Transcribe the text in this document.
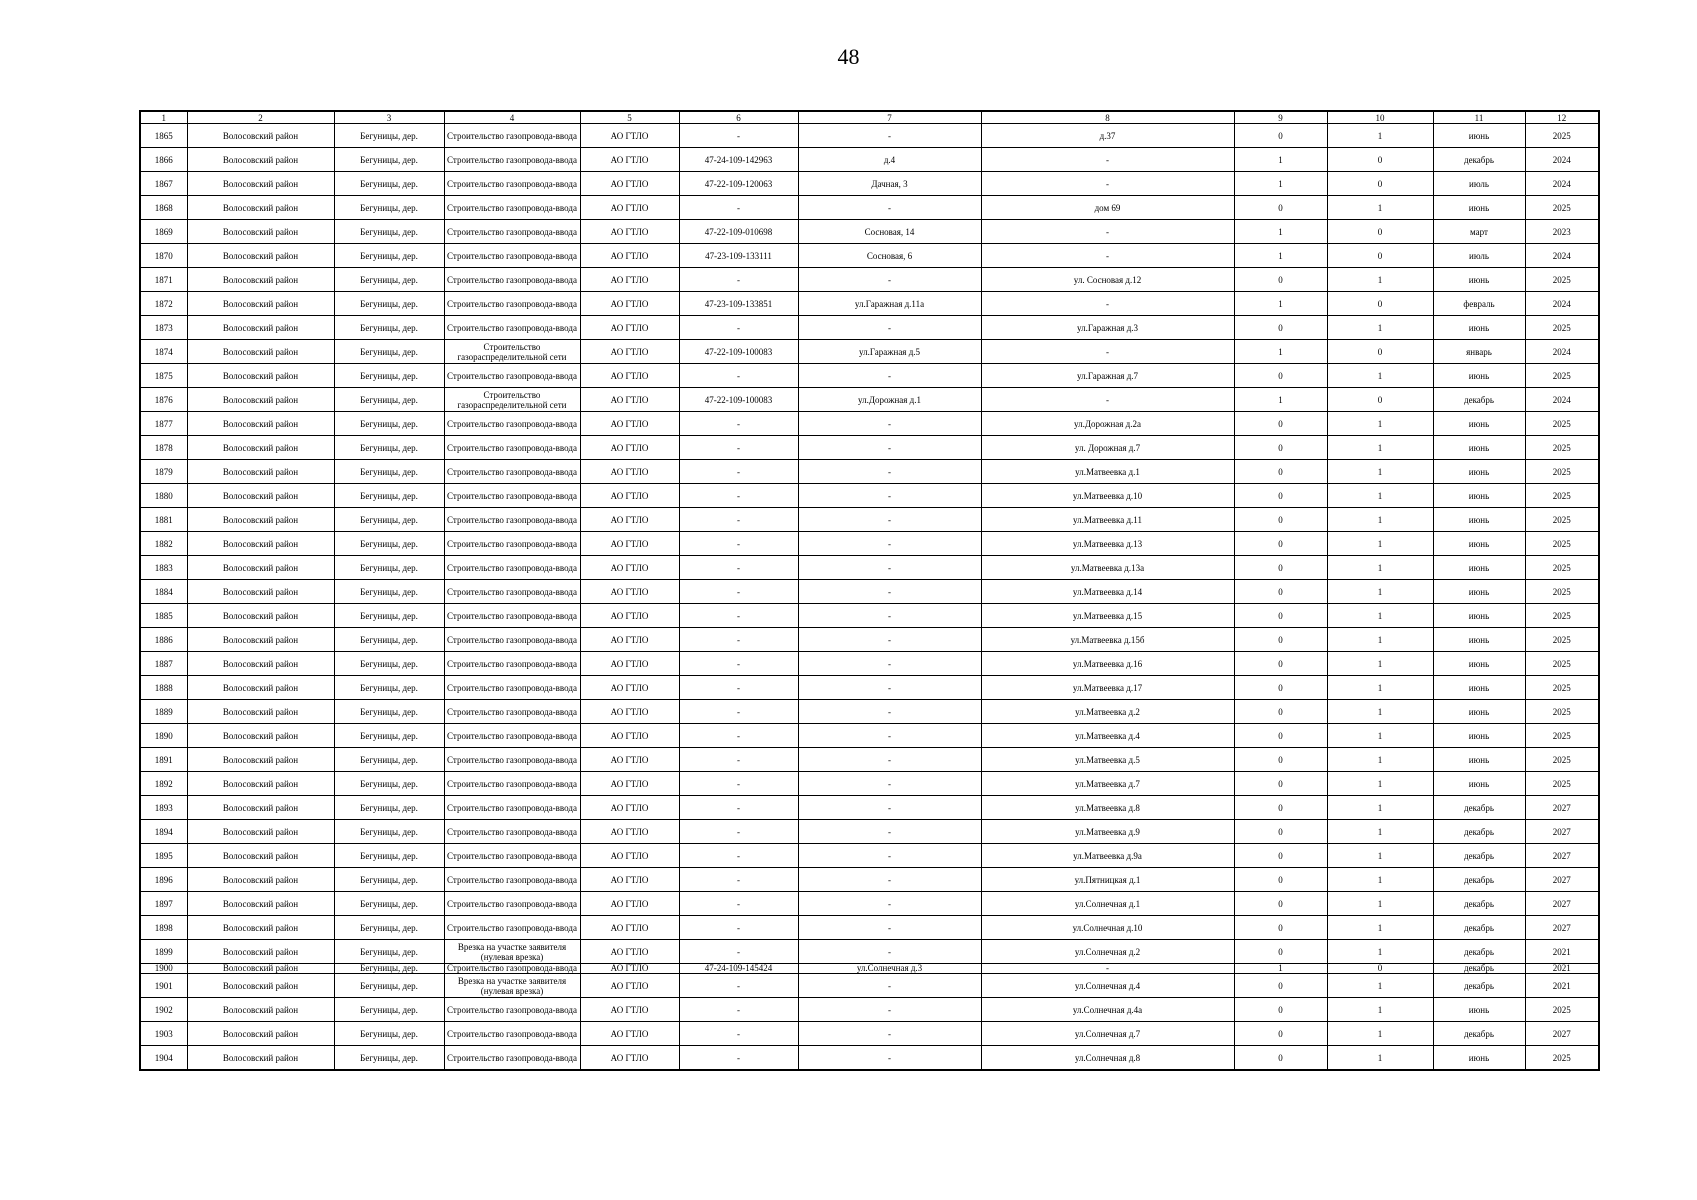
48
1	2	3	4	5	6	7	8	9	10	11	12
1865	Волосовский район	Бегуницы, дер.	Строительство газопровода-ввода	АО ГТЛО	-	-	д.37	0	1	июнь	2025
1866	Волосовский район	Бегуницы, дер.	Строительство газопровода-ввода	АО ГТЛО	47-24-109-142963	д.4	-	1	0	декабрь	2024
1867	Волосовский район	Бегуницы, дер.	Строительство газопровода-ввода	АО ГТЛО	47-22-109-120063	Дачная, 3	-	1	0	июль	2024
1868	Волосовский район	Бегуницы, дер.	Строительство газопровода-ввода	АО ГТЛО	-	-	дом 69	0	1	июнь	2025
1869	Волосовский район	Бегуницы, дер.	Строительство газопровода-ввода	АО ГТЛО	47-22-109-010698	Сосновая, 14	-	1	0	март	2023
1870	Волосовский район	Бегуницы, дер.	Строительство газопровода-ввода	АО ГТЛО	47-23-109-133111	Сосновая, 6	-	1	0	июль	2024
1871	Волосовский район	Бегуницы, дер.	Строительство газопровода-ввода	АО ГТЛО	-	-	ул. Сосновая д.12	0	1	июнь	2025
1872	Волосовский район	Бегуницы, дер.	Строительство газопровода-ввода	АО ГТЛО	47-23-109-133851	ул.Гаражная д.11а	-	1	0	февраль	2024
1873	Волосовский район	Бегуницы, дер.	Строительство газопровода-ввода	АО ГТЛО	-	-	ул.Гаражная д.3	0	1	июнь	2025
1874	Волосовский район	Бегуницы, дер.	Строительство газораспределительной сети	АО ГТЛО	47-22-109-100083	ул.Гаражная д.5	-	1	0	январь	2024
1875	Волосовский район	Бегуницы, дер.	Строительство газопровода-ввода	АО ГТЛО	-	-	ул.Гаражная д.7	0	1	июнь	2025
1876	Волосовский район	Бегуницы, дер.	Строительство газораспределительной сети	АО ГТЛО	47-22-109-100083	ул.Дорожная д.1	-	1	0	декабрь	2024
1877	Волосовский район	Бегуницы, дер.	Строительство газопровода-ввода	АО ГТЛО	-	-	ул.Дорожная д.2а	0	1	июнь	2025
1878	Волосовский район	Бегуницы, дер.	Строительство газопровода-ввода	АО ГТЛО	-	-	ул. Дорожная д.7	0	1	июнь	2025
1879	Волосовский район	Бегуницы, дер.	Строительство газопровода-ввода	АО ГТЛО	-	-	ул.Матвеевка д.1	0	1	июнь	2025
1880	Волосовский район	Бегуницы, дер.	Строительство газопровода-ввода	АО ГТЛО	-	-	ул.Матвеевка д.10	0	1	июнь	2025
1881	Волосовский район	Бегуницы, дер.	Строительство газопровода-ввода	АО ГТЛО	-	-	ул.Матвеевка д.11	0	1	июнь	2025
1882	Волосовский район	Бегуницы, дер.	Строительство газопровода-ввода	АО ГТЛО	-	-	ул.Матвеевка д.13	0	1	июнь	2025
1883	Волосовский район	Бегуницы, дер.	Строительство газопровода-ввода	АО ГТЛО	-	-	ул.Матвеевка д.13а	0	1	июнь	2025
1884	Волосовский район	Бегуницы, дер.	Строительство газопровода-ввода	АО ГТЛО	-	-	ул.Матвеевка д.14	0	1	июнь	2025
1885	Волосовский район	Бегуницы, дер.	Строительство газопровода-ввода	АО ГТЛО	-	-	ул.Матвеевка д.15	0	1	июнь	2025
1886	Волосовский район	Бегуницы, дер.	Строительство газопровода-ввода	АО ГТЛО	-	-	ул.Матвеевка д.15б	0	1	июнь	2025
1887	Волосовский район	Бегуницы, дер.	Строительство газопровода-ввода	АО ГТЛО	-	-	ул.Матвеевка д.16	0	1	июнь	2025
1888	Волосовский район	Бегуницы, дер.	Строительство газопровода-ввода	АО ГТЛО	-	-	ул.Матвеевка д.17	0	1	июнь	2025
1889	Волосовский район	Бегуницы, дер.	Строительство газопровода-ввода	АО ГТЛО	-	-	ул.Матвеевка д.2	0	1	июнь	2025
1890	Волосовский район	Бегуницы, дер.	Строительство газопровода-ввода	АО ГТЛО	-	-	ул.Матвеевка д.4	0	1	июнь	2025
1891	Волосовский район	Бегуницы, дер.	Строительство газопровода-ввода	АО ГТЛО	-	-	ул.Матвеевка д.5	0	1	июнь	2025
1892	Волосовский район	Бегуницы, дер.	Строительство газопровода-ввода	АО ГТЛО	-	-	ул.Матвеевка д.7	0	1	июнь	2025
1893	Волосовский район	Бегуницы, дер.	Строительство газопровода-ввода	АО ГТЛО	-	-	ул.Матвеевка д.8	0	1	декабрь	2027
1894	Волосовский район	Бегуницы, дер.	Строительство газопровода-ввода	АО ГТЛО	-	-	ул.Матвеевка д.9	0	1	декабрь	2027
1895	Волосовский район	Бегуницы, дер.	Строительство газопровода-ввода	АО ГТЛО	-	-	ул.Матвеевка д.9а	0	1	декабрь	2027
1896	Волосовский район	Бегуницы, дер.	Строительство газопровода-ввода	АО ГТЛО	-	-	ул.Пятницкая д.1	0	1	декабрь	2027
1897	Волосовский район	Бегуницы, дер.	Строительство газопровода-ввода	АО ГТЛО	-	-	ул.Солнечная д.1	0	1	декабрь	2027
1898	Волосовский район	Бегуницы, дер.	Строительство газопровода-ввода	АО ГТЛО	-	-	ул.Солнечная д.10	0	1	декабрь	2027
1899	Волосовский район	Бегуницы, дер.	Врезка на участке заявителя (нулевая врезка)	АО ГТЛО	-	-	ул.Солнечная д.2	0	1	декабрь	2021
1900	Волосовский район	Бегуницы, дер.	Строительство газопровода-ввода	АО ГТЛО	47-24-109-145424	ул.Солнечная д.3	-	1	0	декабрь	2021
1901	Волосовский район	Бегуницы, дер.	Врезка на участке заявителя (нулевая врезка)	АО ГТЛО	-	-	ул.Солнечная д.4	0	1	декабрь	2021
1902	Волосовский район	Бегуницы, дер.	Строительство газопровода-ввода	АО ГТЛО	-	-	ул.Солнечная д.4а	0	1	июнь	2025
1903	Волосовский район	Бегуницы, дер.	Строительство газопровода-ввода	АО ГТЛО	-	-	ул.Солнечная д.7	0	1	декабрь	2027
1904	Волосовский район	Бегуницы, дер.	Строительство газопровода-ввода	АО ГТЛО	-	-	ул.Солнечная д.8	0	1	июнь	2025
